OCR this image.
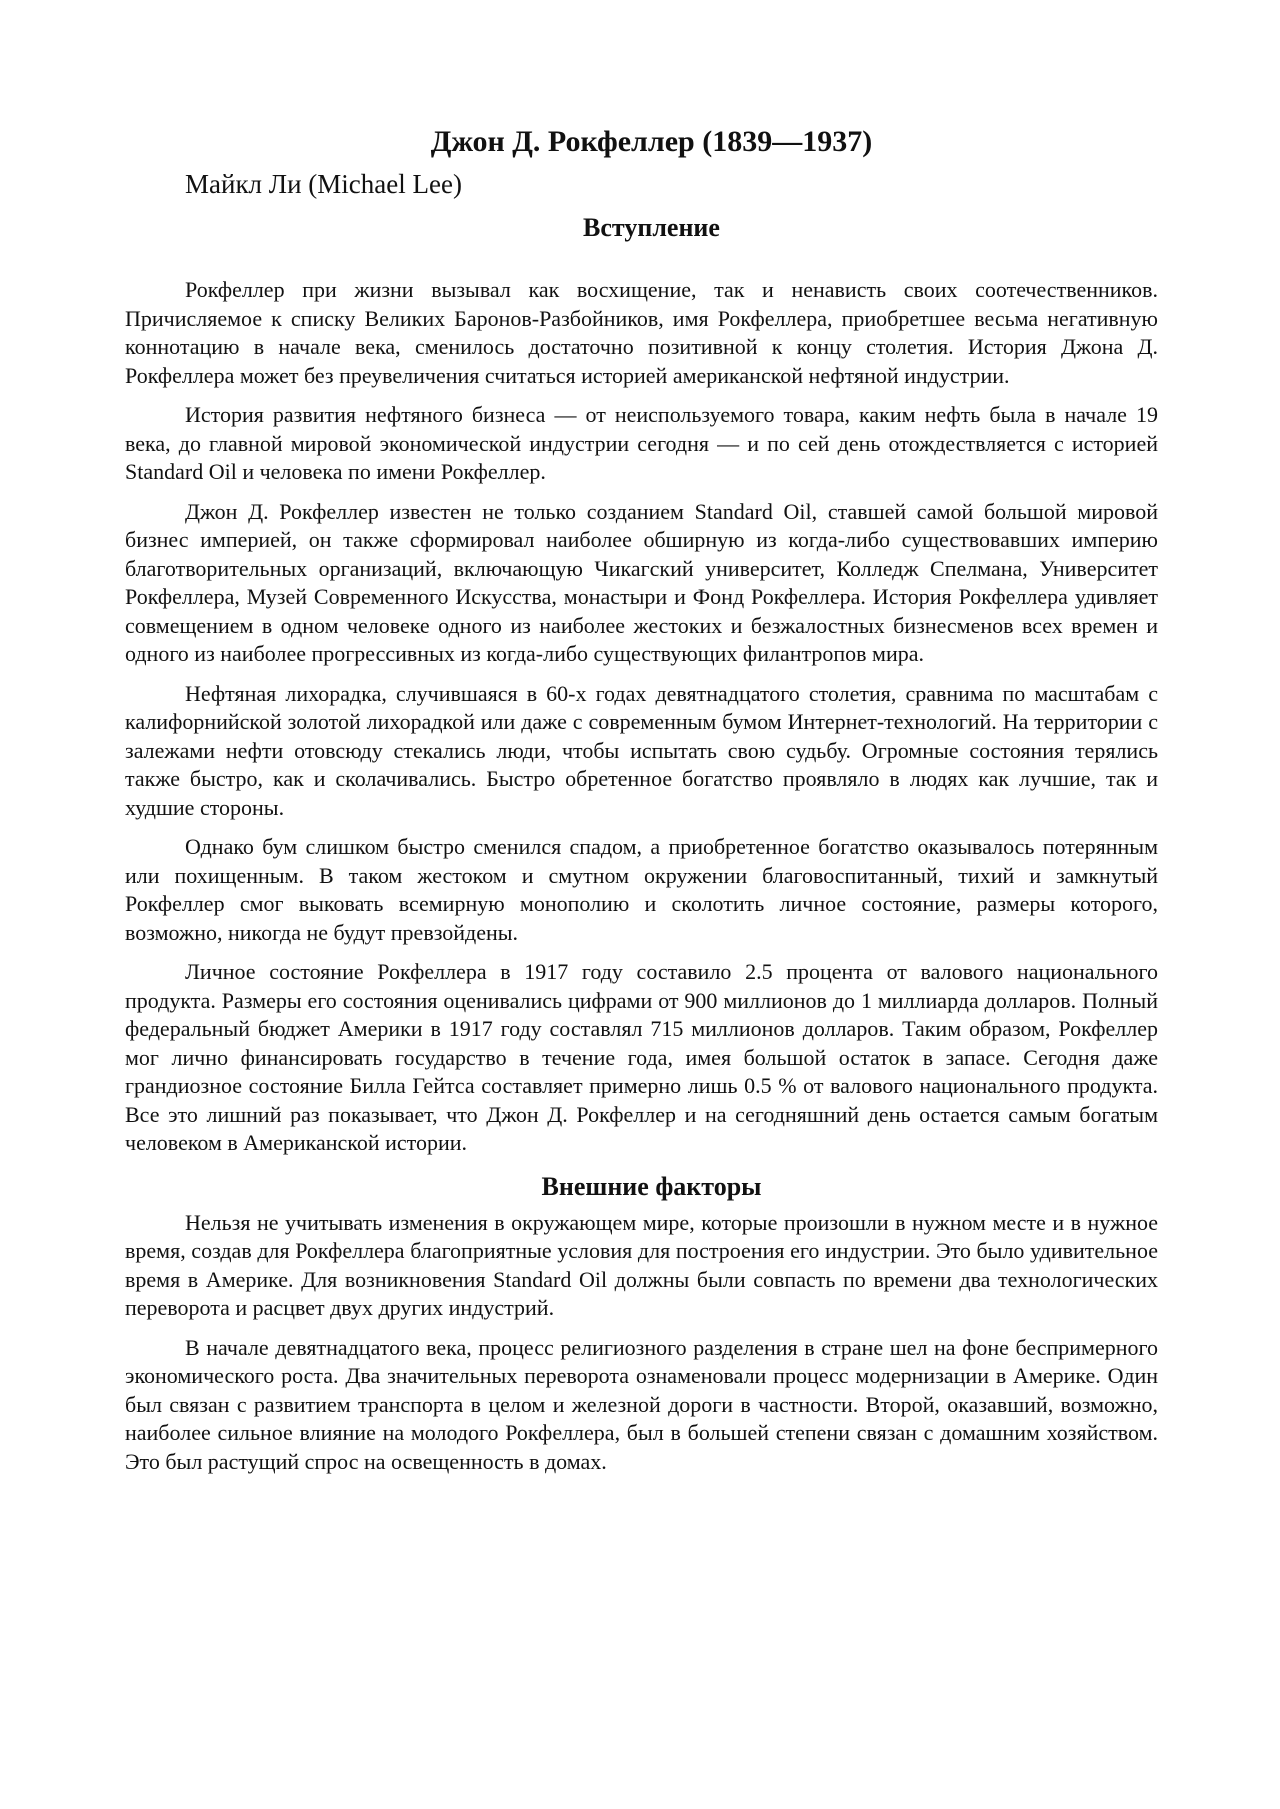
Джон Д. Рокфеллер (1839—1937)
Майкл Ли (Michael Lee)
Вступление

Рокфеллер при жизни вызывал как восхищение, так и ненависть своих соотечественников. Причисляемое к списку Великих Баронов-Разбойников, имя Рокфеллера, приобретшее весьма негативную коннотацию в начале века, сменилось достаточно позитивной к концу столетия. История Джона Д. Рокфеллера может без преувеличения считаться историей американской нефтяной индустрии.

История развития нефтяного бизнеса — от неиспользуемого товара, каким нефть была в начале 19 века, до главной мировой экономической индустрии сегодня — и по сей день отождествляется с историей Standard Oil и человека по имени Рокфеллер.

Джон Д. Рокфеллер известен не только созданием Standard Oil, ставшей самой большой мировой бизнес империей, он также сформировал наиболее обширную из когда-либо существовавших империю благотворительных организаций, включающую Чикагский университет, Колледж Спелмана, Университет Рокфеллера, Музей Современного Искусства, монастыри и Фонд Рокфеллера. История Рокфеллера удивляет совмещением в одном человеке одного из наиболее жестоких и безжалостных бизнесменов всех времен и одного из наиболее прогрессивных из когда-либо существующих филантропов мира.

Нефтяная лихорадка, случившаяся в 60-х годах девятнадцатого столетия, сравнима по масштабам с калифорнийской золотой лихорадкой или даже с современным бумом Интернет-технологий. На территории с залежами нефти отовсюду стекались люди, чтобы испытать свою судьбу. Огромные состояния терялись также быстро, как и сколачивались. Быстро обретенное богатство проявляло в людях как лучшие, так и худшие стороны.

Однако бум слишком быстро сменился спадом, а приобретенное богатство оказывалось потерянным или похищенным. В таком жестоком и смутном окружении благовоспитанный, тихий и замкнутый Рокфеллер смог выковать всемирную монополию и сколотить личное состояние, размеры которого, возможно, никогда не будут превзойдены.

Личное состояние Рокфеллера в 1917 году составило 2.5 процента от валового национального продукта. Размеры его состояния оценивались цифрами от 900 миллионов до 1 миллиарда долларов. Полный федеральный бюджет Америки в 1917 году составлял 715 миллионов долларов. Таким образом, Рокфеллер мог лично финансировать государство в течение года, имея большой остаток в запасе. Сегодня даже грандиозное состояние Билла Гейтса составляет примерно лишь 0.5 % от валового национального продукта. Все это лишний раз показывает, что Джон Д. Рокфеллер и на сегодняшний день остается самым богатым человеком в Американской истории.

Внешние факторы

Нельзя не учитывать изменения в окружающем мире, которые произошли в нужном месте и в нужное время, создав для Рокфеллера благоприятные условия для построения его индустрии. Это было удивительное время в Америке. Для возникновения Standard Oil должны были совпасть по времени два технологических переворота и расцвет двух других индустрий.

В начале девятнадцатого века, процесс религиозного разделения в стране шел на фоне беспримерного экономического роста. Два значительных переворота ознаменовали процесс модернизации в Америке. Один был связан с развитием транспорта в целом и железной дороги в частности. Второй, оказавший, возможно, наиболее сильное влияние на молодого Рокфеллера, был в большей степени связан с домашним хозяйством. Это был растущий спрос на освещенность в домах.
